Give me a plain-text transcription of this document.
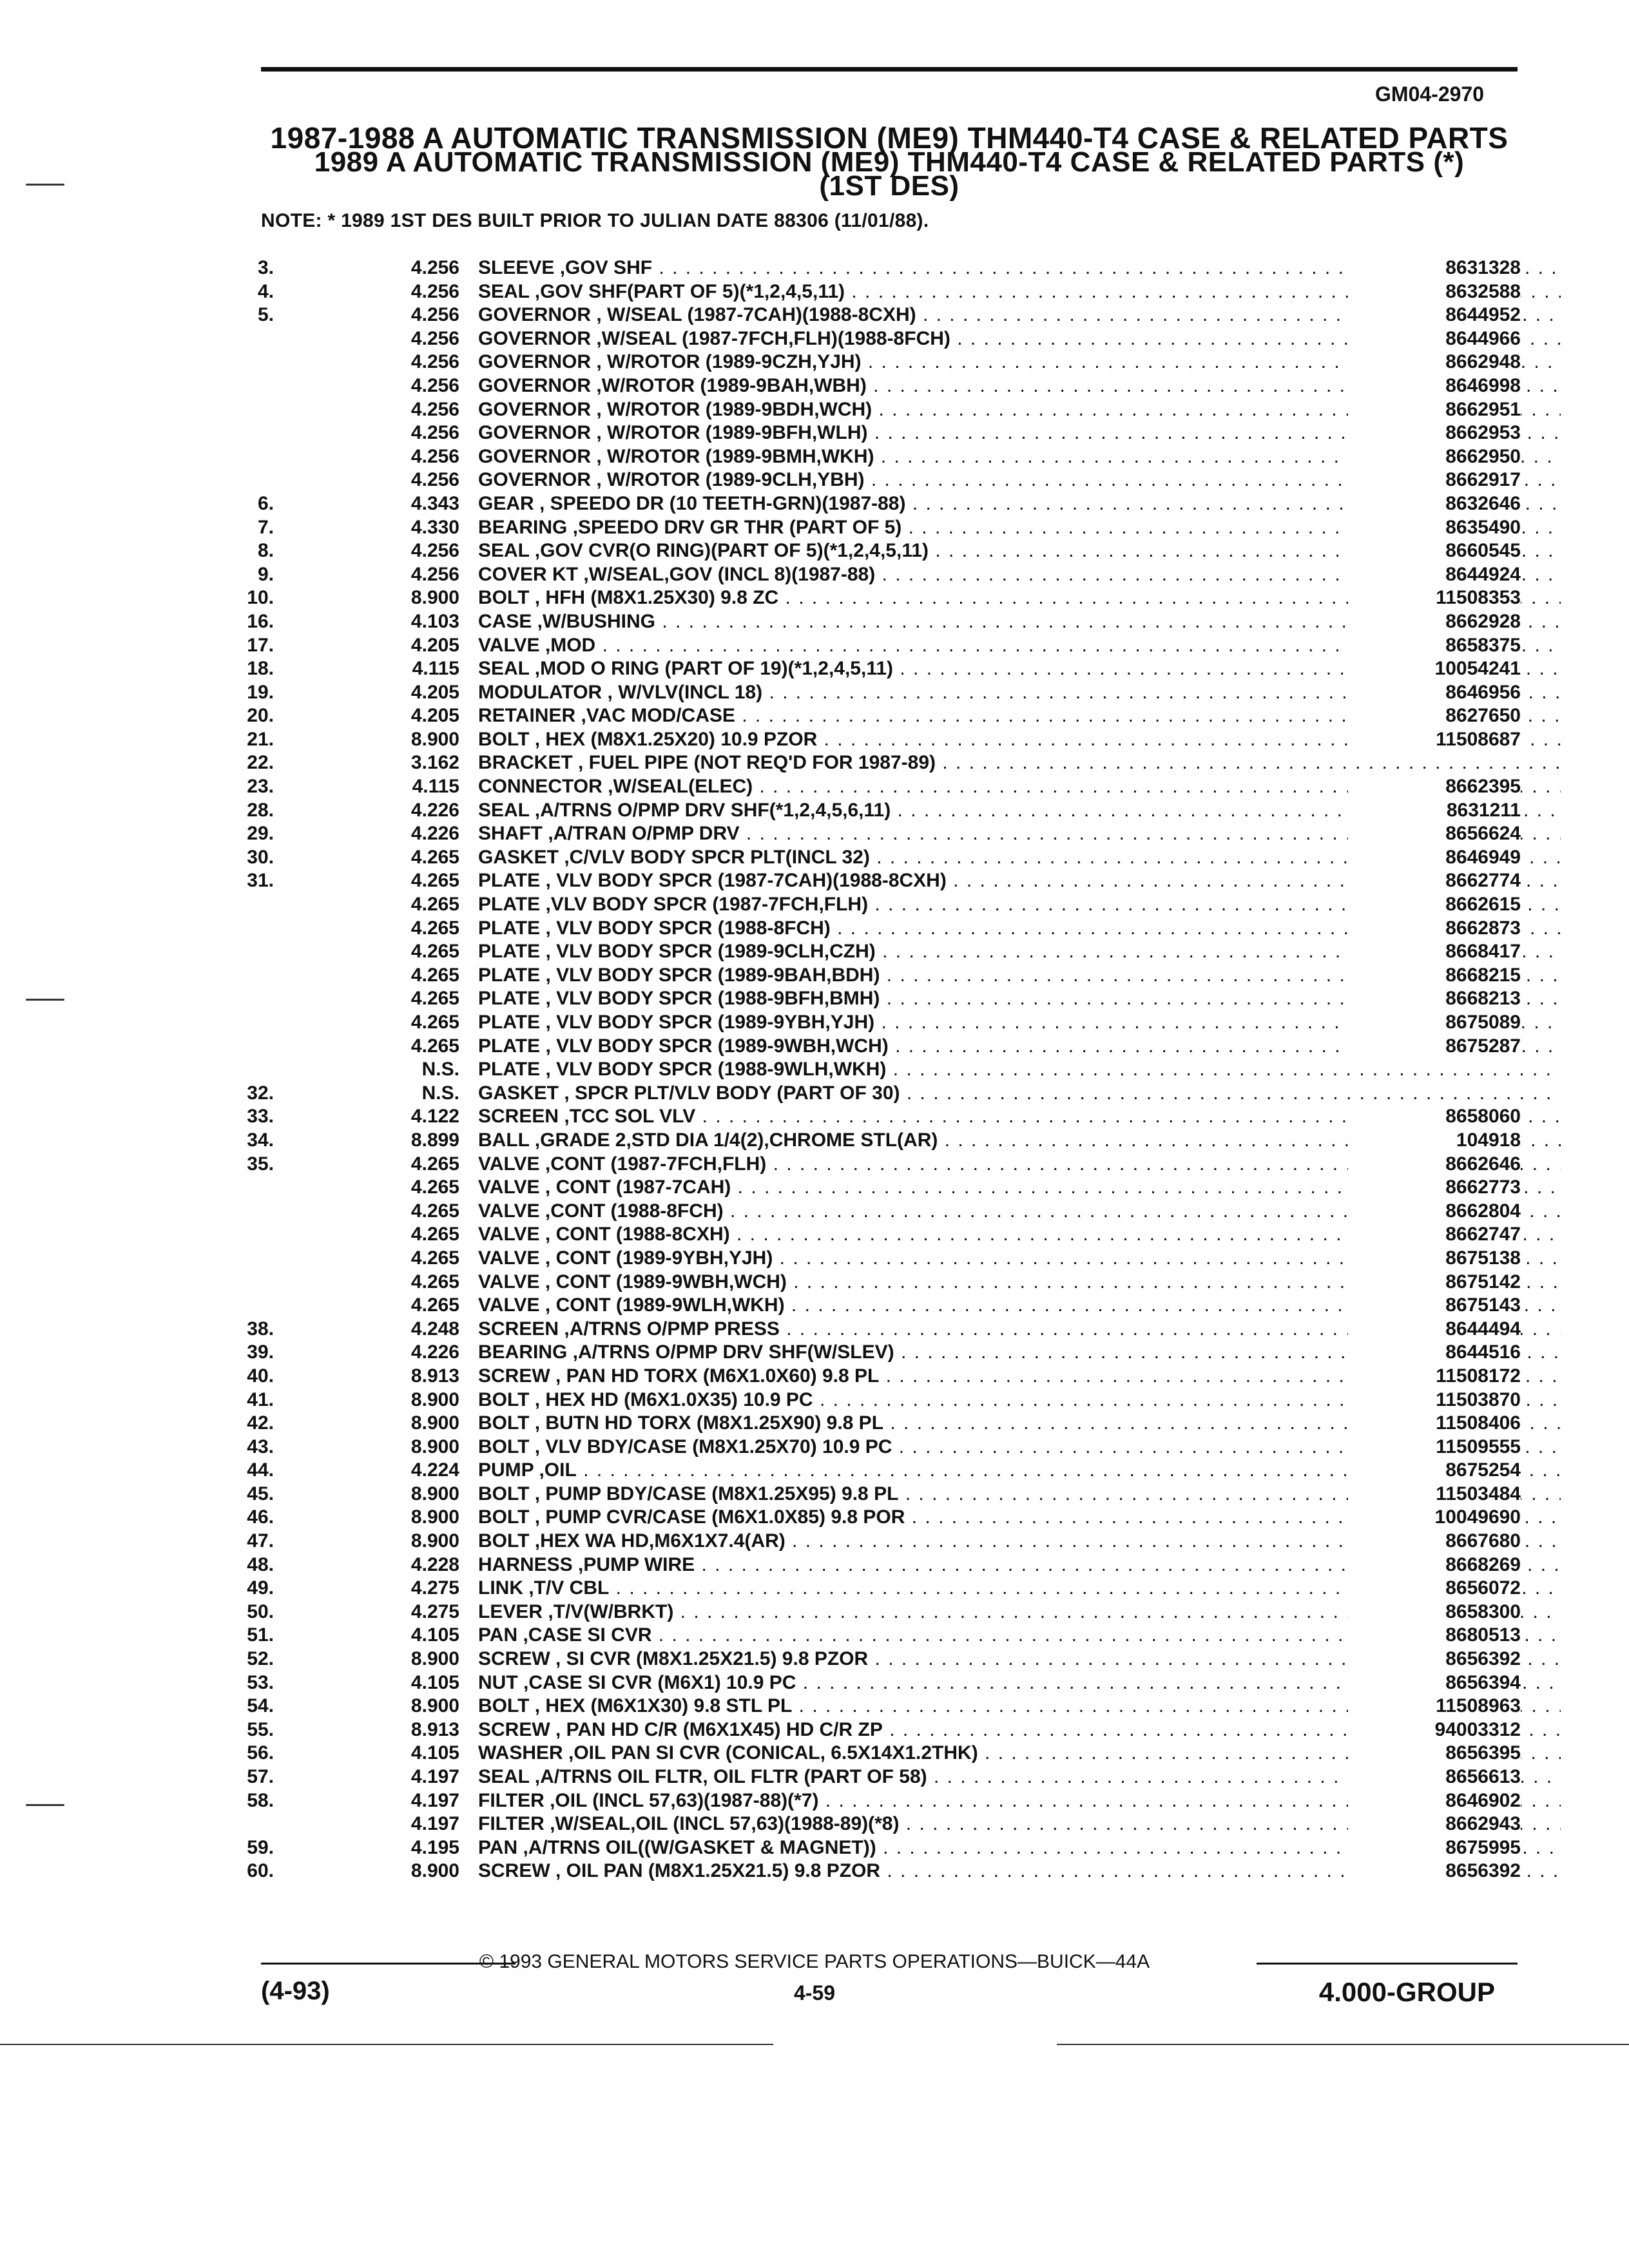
GM04-2970
1987-1988 A AUTOMATIC TRANSMISSION (ME9) THM440-T4 CASE & RELATED PARTS
1989 A AUTOMATIC TRANSMISSION (ME9) THM440-T4 CASE & RELATED PARTS (*)
(1ST DES)
NOTE: * 1989 1ST DES BUILT PRIOR TO JULIAN DATE 88306 (11/01/88).
3.	4.256 SLEEVE ,GOV SHF . . .	8631328
4.	4.256 SEAL ,GOV SHF(PART OF 5)(*1,2,4,5,11) . . .	8632588
5.	4.256 GOVERNOR , W/SEAL (1987-7CAH)(1988-8CXH) . . .	8644952
4.256 GOVERNOR ,W/SEAL (1987-7FCH,FLH)(1988-8FCH) . . .	8644966
4.256 GOVERNOR , W/ROTOR (1989-9CZH,YJH) . . .	8662948
4.256 GOVERNOR ,W/ROTOR (1989-9BAH,WBH) . . .	8646998
4.256 GOVERNOR , W/ROTOR (1989-9BDH,WCH) . . .	8662951
4.256 GOVERNOR , W/ROTOR (1989-9BFH,WLH) . . .	8662953
4.256 GOVERNOR , W/ROTOR (1989-9BMH,WKH) . . .	8662950
4.256 GOVERNOR , W/ROTOR (1989-9CLH,YBH) . . .	8662917
6.	4.343 GEAR , SPEEDO DR (10 TEETH-GRN)(1987-88) . . .	8632646
7.	4.330 BEARING ,SPEEDO DRV GR THR (PART OF 5) . . .	8635490
8.	4.256 SEAL ,GOV CVR(O RING)(PART OF 5)(*1,2,4,5,11) . . .	8660545
9.	4.256 COVER KT ,W/SEAL,GOV (INCL 8)(1987-88) . . .	8644924
10.	8.900 BOLT , HFH (M8X1.25X30) 9.8 ZC . . .	11508353
16.	4.103 CASE ,W/BUSHING . . .	8662928
17.	4.205 VALVE ,MOD . . .	8658375
18.	4.115 SEAL ,MOD O RING (PART OF 19)(*1,2,4,5,11) . . .	10054241
19.	4.205 MODULATOR , W/VLV(INCL 18) . . .	8646956
20.	4.205 RETAINER ,VAC MOD/CASE . . .	8627650
21.	8.900 BOLT , HEX (M8X1.25X20) 10.9 PZOR . . .	11508687
22.	3.162 BRACKET , FUEL PIPE (NOT REQ'D FOR 1987-89) . . .
23.	4.115 CONNECTOR ,W/SEAL(ELEC) . . .	8662395
28.	4.226 SEAL ,A/TRNS O/PMP DRV SHF(*1,2,4,5,6,11) . . .	8631211
29.	4.226 SHAFT ,A/TRAN O/PMP DRV . . .	8656624
30.	4.265 GASKET ,C/VLV BODY SPCR PLT(INCL 32) . . .	8646949
31.	4.265 PLATE , VLV BODY SPCR (1987-7CAH)(1988-8CXH) . . .	8662774
4.265 PLATE ,VLV BODY SPCR (1987-7FCH,FLH) . . .	8662615
4.265 PLATE , VLV BODY SPCR (1988-8FCH) . . .	8662873
4.265 PLATE , VLV BODY SPCR (1989-9CLH,CZH) . . .	8668417
4.265 PLATE , VLV BODY SPCR (1989-9BAH,BDH) . . .	8668215
4.265 PLATE , VLV BODY SPCR (1988-9BFH,BMH) . . .	8668213
4.265 PLATE , VLV BODY SPCR (1989-9YBH,YJH) . . .	8675089
4.265 PLATE , VLV BODY SPCR (1989-9WBH,WCH) . . .	8675287
N.S. PLATE , VLV BODY SPCR (1988-9WLH,WKH) . . .
32.	N.S. GASKET , SPCR PLT/VLV BODY (PART OF 30) . . .
33.	4.122 SCREEN ,TCC SOL VLV . . .	8658060
34.	8.899 BALL ,GRADE 2,STD DIA 1/4(2),CHROME STL(AR) . . .	104918
35.	4.265 VALVE ,CONT (1987-7FCH,FLH) . . .	8662646
4.265 VALVE , CONT (1987-7CAH) . . .	8662773
4.265 VALVE ,CONT (1988-8FCH) . . .	8662804
4.265 VALVE , CONT (1988-8CXH) . . .	8662747
4.265 VALVE , CONT (1989-9YBH,YJH) . . .	8675138
4.265 VALVE , CONT (1989-9WBH,WCH) . . .	8675142
4.265 VALVE , CONT (1989-9WLH,WKH) . . .	8675143
38.	4.248 SCREEN ,A/TRNS O/PMP PRESS . . .	8644494
39.	4.226 BEARING ,A/TRNS O/PMP DRV SHF(W/SLEV) . . .	8644516
40.	8.913 SCREW , PAN HD TORX (M6X1.0X60) 9.8 PL . . .	11508172
41.	8.900 BOLT , HEX HD (M6X1.0X35) 10.9 PC . . .	11503870
42.	8.900 BOLT , BUTN HD TORX (M8X1.25X90) 9.8 PL . . .	11508406
43.	8.900 BOLT , VLV BDY/CASE (M8X1.25X70) 10.9 PC . . .	11509555
44.	4.224 PUMP ,OIL . . .	8675254
45.	8.900 BOLT , PUMP BDY/CASE (M8X1.25X95) 9.8 PL . . .	11503484
46.	8.900 BOLT , PUMP CVR/CASE (M6X1.0X85) 9.8 POR . . .	10049690
47.	8.900 BOLT ,HEX WA HD,M6X1X7.4(AR) . . .	8667680
48.	4.228 HARNESS ,PUMP WIRE . . .	8668269
49.	4.275 LINK ,T/V CBL . . .	8656072
50.	4.275 LEVER ,T/V(W/BRKT) . . .	8658300
51.	4.105 PAN ,CASE SI CVR . . .	8680513
52.	8.900 SCREW , SI CVR (M8X1.25X21.5) 9.8 PZOR . . .	8656392
53.	4.105 NUT ,CASE SI CVR (M6X1) 10.9 PC . . .	8656394
54.	8.900 BOLT , HEX (M6X1X30) 9.8 STL PL . . .	11508963
55.	8.913 SCREW , PAN HD C/R (M6X1X45) HD C/R ZP . . .	94003312
56.	4.105 WASHER ,OIL PAN SI CVR (CONICAL, 6.5X14X1.2THK) . . .	8656395
57.	4.197 SEAL ,A/TRNS OIL FLTR, OIL FLTR (PART OF 58) . . .	8656613
58.	4.197 FILTER ,OIL (INCL 57,63)(1987-88)(*7) . . .	8646902
4.197 FILTER ,W/SEAL,OIL (INCL 57,63)(1988-89)(*8) . . .	8662943
59.	4.195 PAN ,A/TRNS OIL((W/GASKET & MAGNET)) . . .	8675995
60.	8.900 SCREW , OIL PAN (M8X1.25X21.5) 9.8 PZOR . . .	8656392
© 1993 GENERAL MOTORS SERVICE PARTS OPERATIONS—BUICK—44A
(4-93)	4-59	4.000-GROUP
